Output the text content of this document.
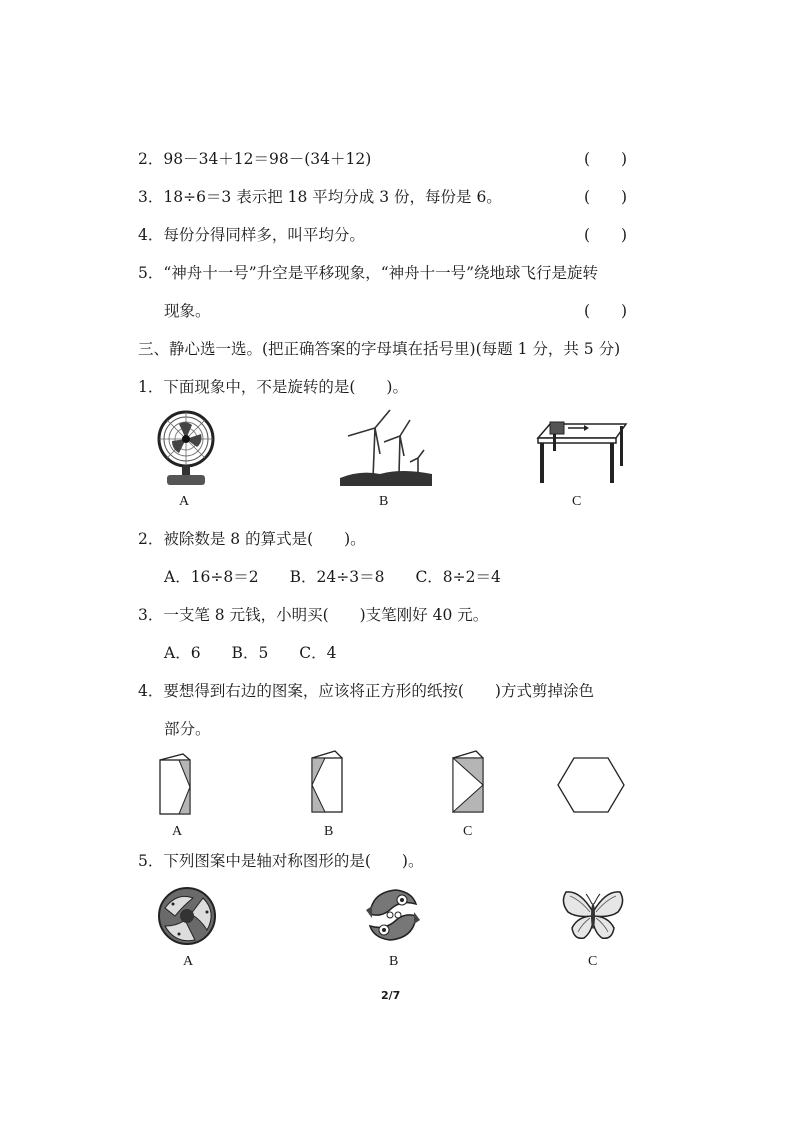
2．98－34＋12＝98－(34＋12)	(　　)
3．18÷6＝3 表示把 18 平均分成 3 份，每份是 6。	(　　)
4．每份分得同样多，叫平均分。	(　　)
5．“神舟十一号”升空是平移现象，“神舟十一号”绕地球飞行是旋转
现象。	(　　)
三、静心选一选。(把正确答案的字母填在括号里)(每题 1 分，共 5 分)
1．下面现象中，不是旋转的是(　　)。
A	B	C
2．被除数是 8 的算式是(　　)。
A．16÷8＝2　　B．24÷3＝8　　C．8÷2＝4
3．一支笔 8 元钱，小明买(　　)支笔刚好 40 元。
A．6　　B．5　　C．4
4．要想得到右边的图案，应该将正方形的纸按(　　)方式剪掉涂色
部分。
A	B	C
5．下列图案中是轴对称图形的是(　　)。
A	B	C
2/7
